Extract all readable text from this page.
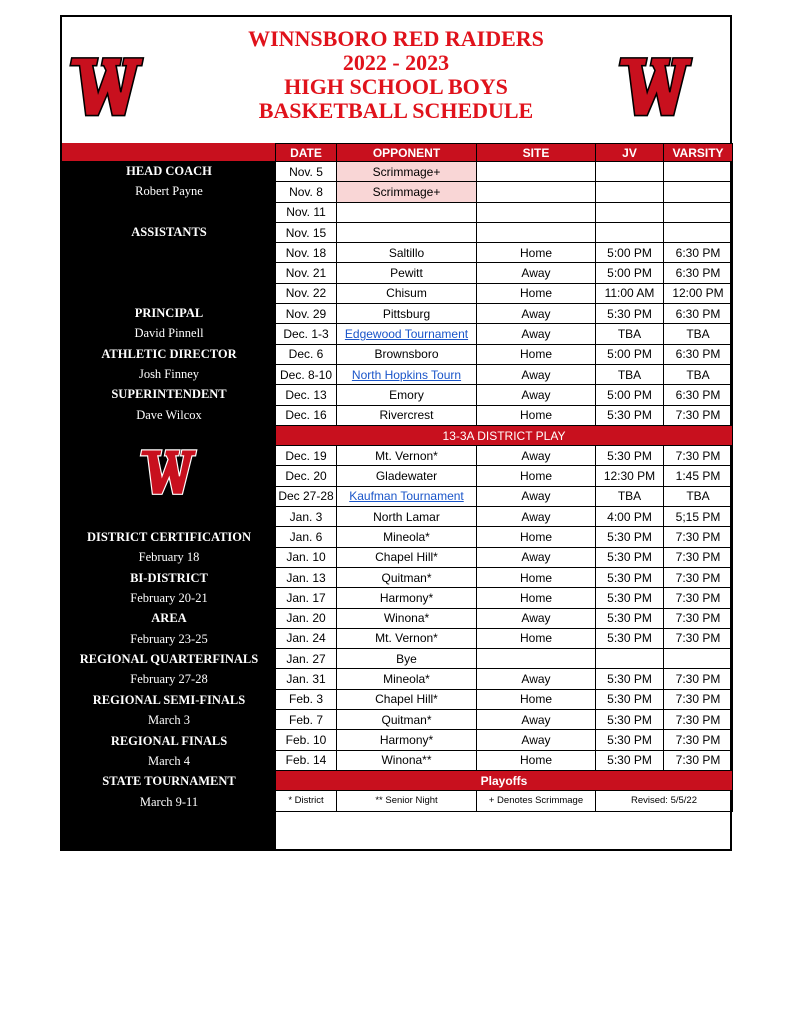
WINNSBORO RED RAIDERS
2022 - 2023
HIGH SCHOOL BOYS
BASKETBALL SCHEDULE
HEAD COACH
Robert Payne
ASSISTANTS
PRINCIPAL
David Pinnell
ATHLETIC DIRECTOR
Josh Finney
SUPERINTENDENT
Dave Wilcox
DISTRICT CERTIFICATION
February 18
BI-DISTRICT
February 20-21
AREA
February 23-25
REGIONAL QUARTERFINALS
February 27-28
REGIONAL SEMI-FINALS
March 3
REGIONAL FINALS
March 4
STATE TOURNAMENT
March 9-11
DATE	OPPONENT	SITE	JV	VARSITY
Nov. 5	Scrimmage+			
Nov. 8	Scrimmage+			
Nov. 11				
Nov. 15				
Nov. 18	Saltillo	Home	5:00 PM	6:30 PM
Nov. 21	Pewitt	Away	5:00 PM	6:30 PM
Nov. 22	Chisum	Home	11:00 AM	12:00 PM
Nov. 29	Pittsburg	Away	5:30 PM	6:30 PM
Dec. 1-3	Edgewood Tournament	Away	TBA	TBA
Dec. 6	Brownsboro	Home	5:00 PM	6:30 PM
Dec. 8-10	North Hopkins Tourn	Away	TBA	TBA
Dec. 13	Emory	Away	5:00 PM	6:30 PM
Dec. 16	Rivercrest	Home	5:30 PM	7:30 PM
13-3A DISTRICT PLAY				
Dec. 19	Mt. Vernon*	Away	5:30 PM	7:30 PM
Dec. 20	Gladewater	Home	12:30 PM	1:45 PM
Dec 27-28	Kaufman Tournament	Away	TBA	TBA
Jan. 3	North Lamar	Away	4:00 PM	5;15 PM
Jan. 6	Mineola*	Home	5:30 PM	7:30 PM
Jan. 10	Chapel Hill*	Away	5:30 PM	7:30 PM
Jan. 13	Quitman*	Home	5:30 PM	7:30 PM
Jan. 17	Harmony*	Home	5:30 PM	7:30 PM
Jan. 20	Winona*	Away	5:30 PM	7:30 PM
Jan. 24	Mt. Vernon*	Home	5:30 PM	7:30 PM
Jan. 27	Bye			
Jan. 31	Mineola*	Away	5:30 PM	7:30 PM
Feb. 3	Chapel Hill*	Home	5:30 PM	7:30 PM
Feb. 7	Quitman*	Away	5:30 PM	7:30 PM
Feb. 10	Harmony*	Away	5:30 PM	7:30 PM
Feb. 14	Winona**	Home	5:30 PM	7:30 PM
Playoffs				
* District	** Senior Night	+ Denotes Scrimmage	Revised: 5/5/22	
